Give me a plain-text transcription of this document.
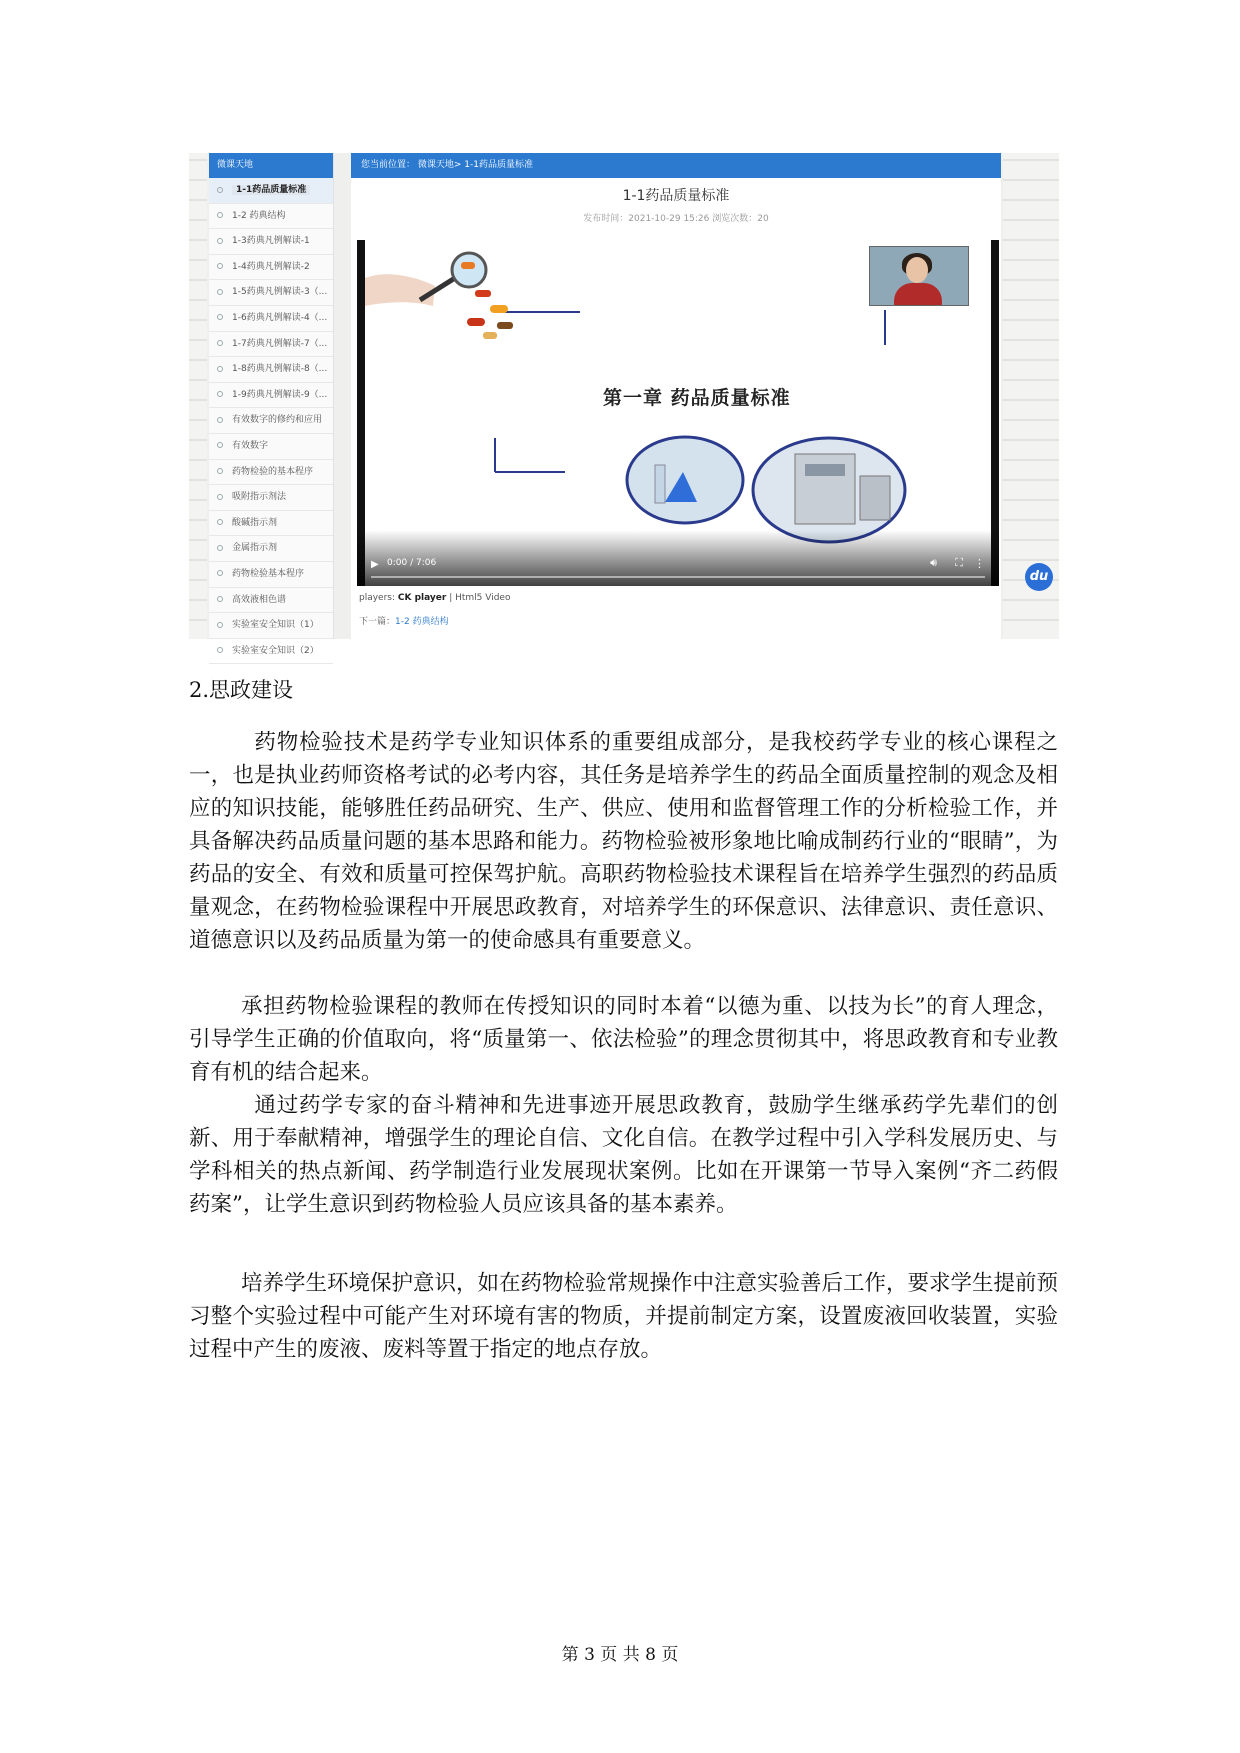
微课天地
1-1药品质量标准
1-2 药典结构
1-3药典凡例解读-1
1-4药典凡例解读-2
1-5药典凡例解读-3（...
1-6药典凡例解读-4（...
1-7药典凡例解读-7（...
1-8药典凡例解读-8（...
1-9药典凡例解读-9（...
有效数字的修约和应用
有效数字
药物检验的基本程序
吸附指示剂法
酸碱指示剂
金属指示剂
药物检验基本程序
高效液相色谱
实验室安全知识（1）
实验室安全知识（2）
您当前位置： 微课天地> 1-1药品质量标准
1-1药品质量标准
发布时间：2021-10-29 15:26 浏览次数：20
第一章 药品质量标准
▶ 0:00 / 7:06	🔊︎ ⛶ ⋮
players: CK player | Html5 Video
下一篇：1-2 药典结构
du
2.思政建设

　药物检验技术是药学专业知识体系的重要组成部分，是我校药学专业的核心课程之一，也是执业药师资格考试的必考内容，其任务是培养学生的药品全面质量控制的观念及相应的知识技能，能够胜任药品研究、生产、供应、使用和监督管理工作的分析检验工作，并具备解决药品质量问题的基本思路和能力。药物检验被形象地比喻成制药行业的“眼睛”，为药品的安全、有效和质量可控保驾护航。高职药物检验技术课程旨在培养学生强烈的药品质量观念，在药物检验课程中开展思政教育，对培养学生的环保意识、法律意识、责任意识、道德意识以及药品质量为第一的使命感具有重要意义。

承担药物检验课程的教师在传授知识的同时本着“以德为重、以技为长”的育人理念，引导学生正确的价值取向，将“质量第一、依法检验”的理念贯彻其中，将思政教育和专业教育有机的结合起来。

　通过药学专家的奋斗精神和先进事迹开展思政教育，鼓励学生继承药学先辈们的创新、用于奉献精神，增强学生的理论自信、文化自信。在教学过程中引入学科发展历史、与学科相关的热点新闻、药学制造行业发展现状案例。比如在开课第一节导入案例“齐二药假药案”，让学生意识到药物检验人员应该具备的基本素养。

培养学生环境保护意识，如在药物检验常规操作中注意实验善后工作，要求学生提前预习整个实验过程中可能产生对环境有害的物质，并提前制定方案，设置废液回收装置，实验过程中产生的废液、废料等置于指定的地点存放。

第 3 页 共 8 页
